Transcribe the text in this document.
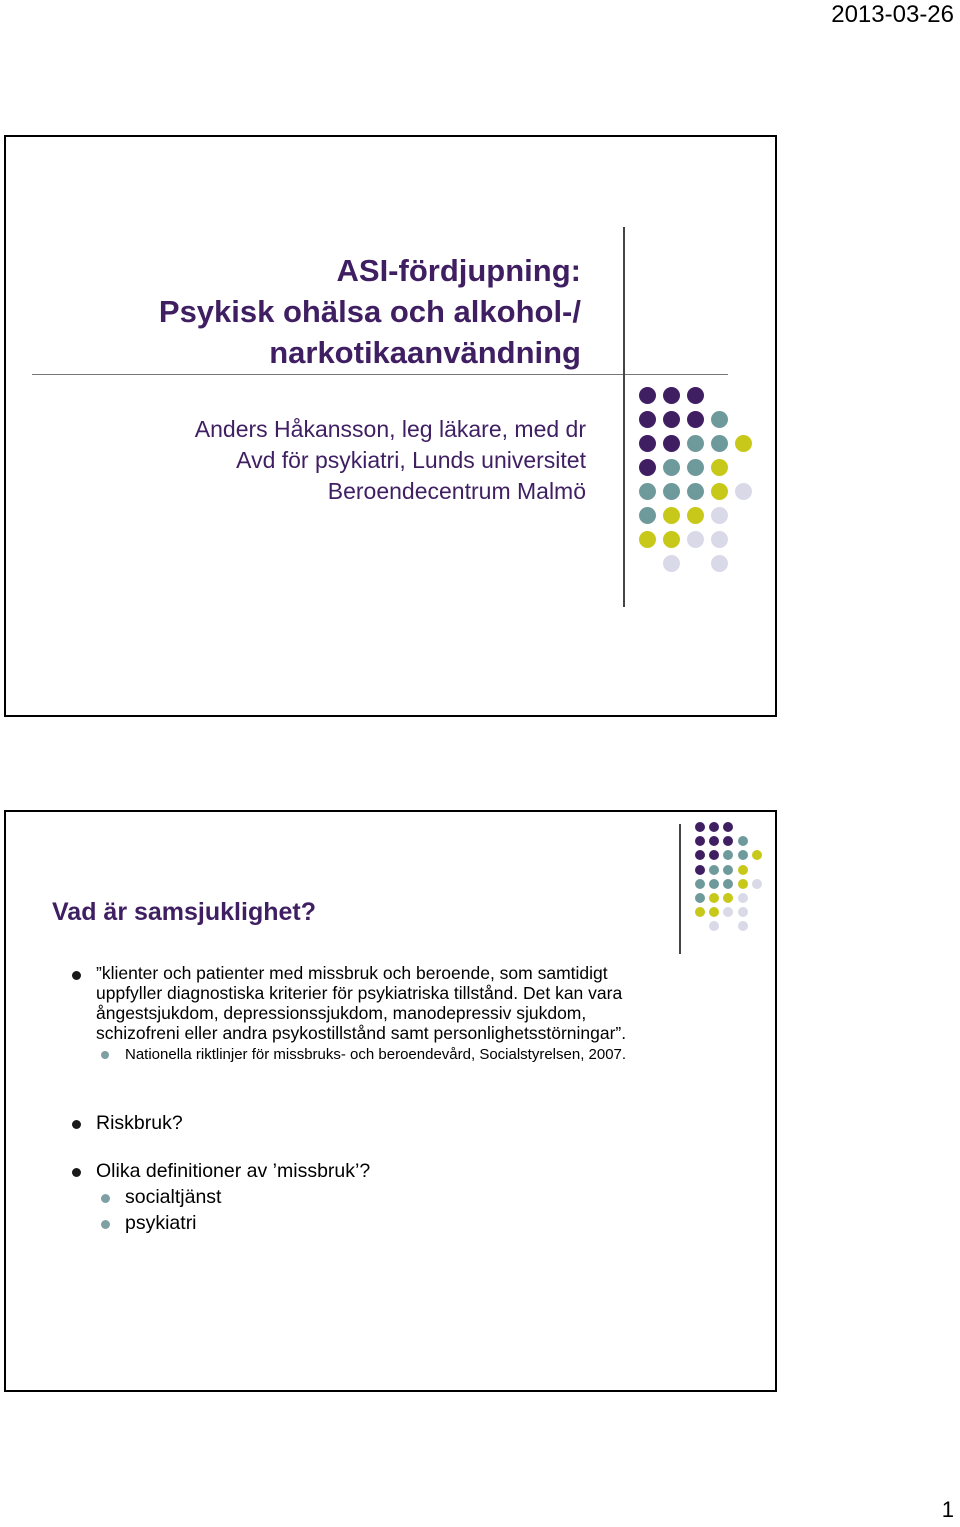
2013-03-26
ASI-fördjupning:
Psykisk ohälsa och alkohol-/
narkotikaanvändning
Anders Håkansson, leg läkare, med dr
Avd för psykiatri, Lunds universitet
Beroendecentrum Malmö
Vad är samsjuklighet?
”klienter och patienter med missbruk och beroende, som samtidigt
uppfyller diagnostiska kriterier för psykiatriska tillstånd. Det kan vara
ångestsjukdom, depressionssjukdom, manodepressiv sjukdom,
schizofreni eller andra psykostillstånd samt personlighetsstörningar”.
Nationella riktlinjer för missbruks- och beroendevård, Socialstyrelsen, 2007.
Riskbruk?
Olika definitioner av ’missbruk’?
socialtjänst
psykiatri
1
